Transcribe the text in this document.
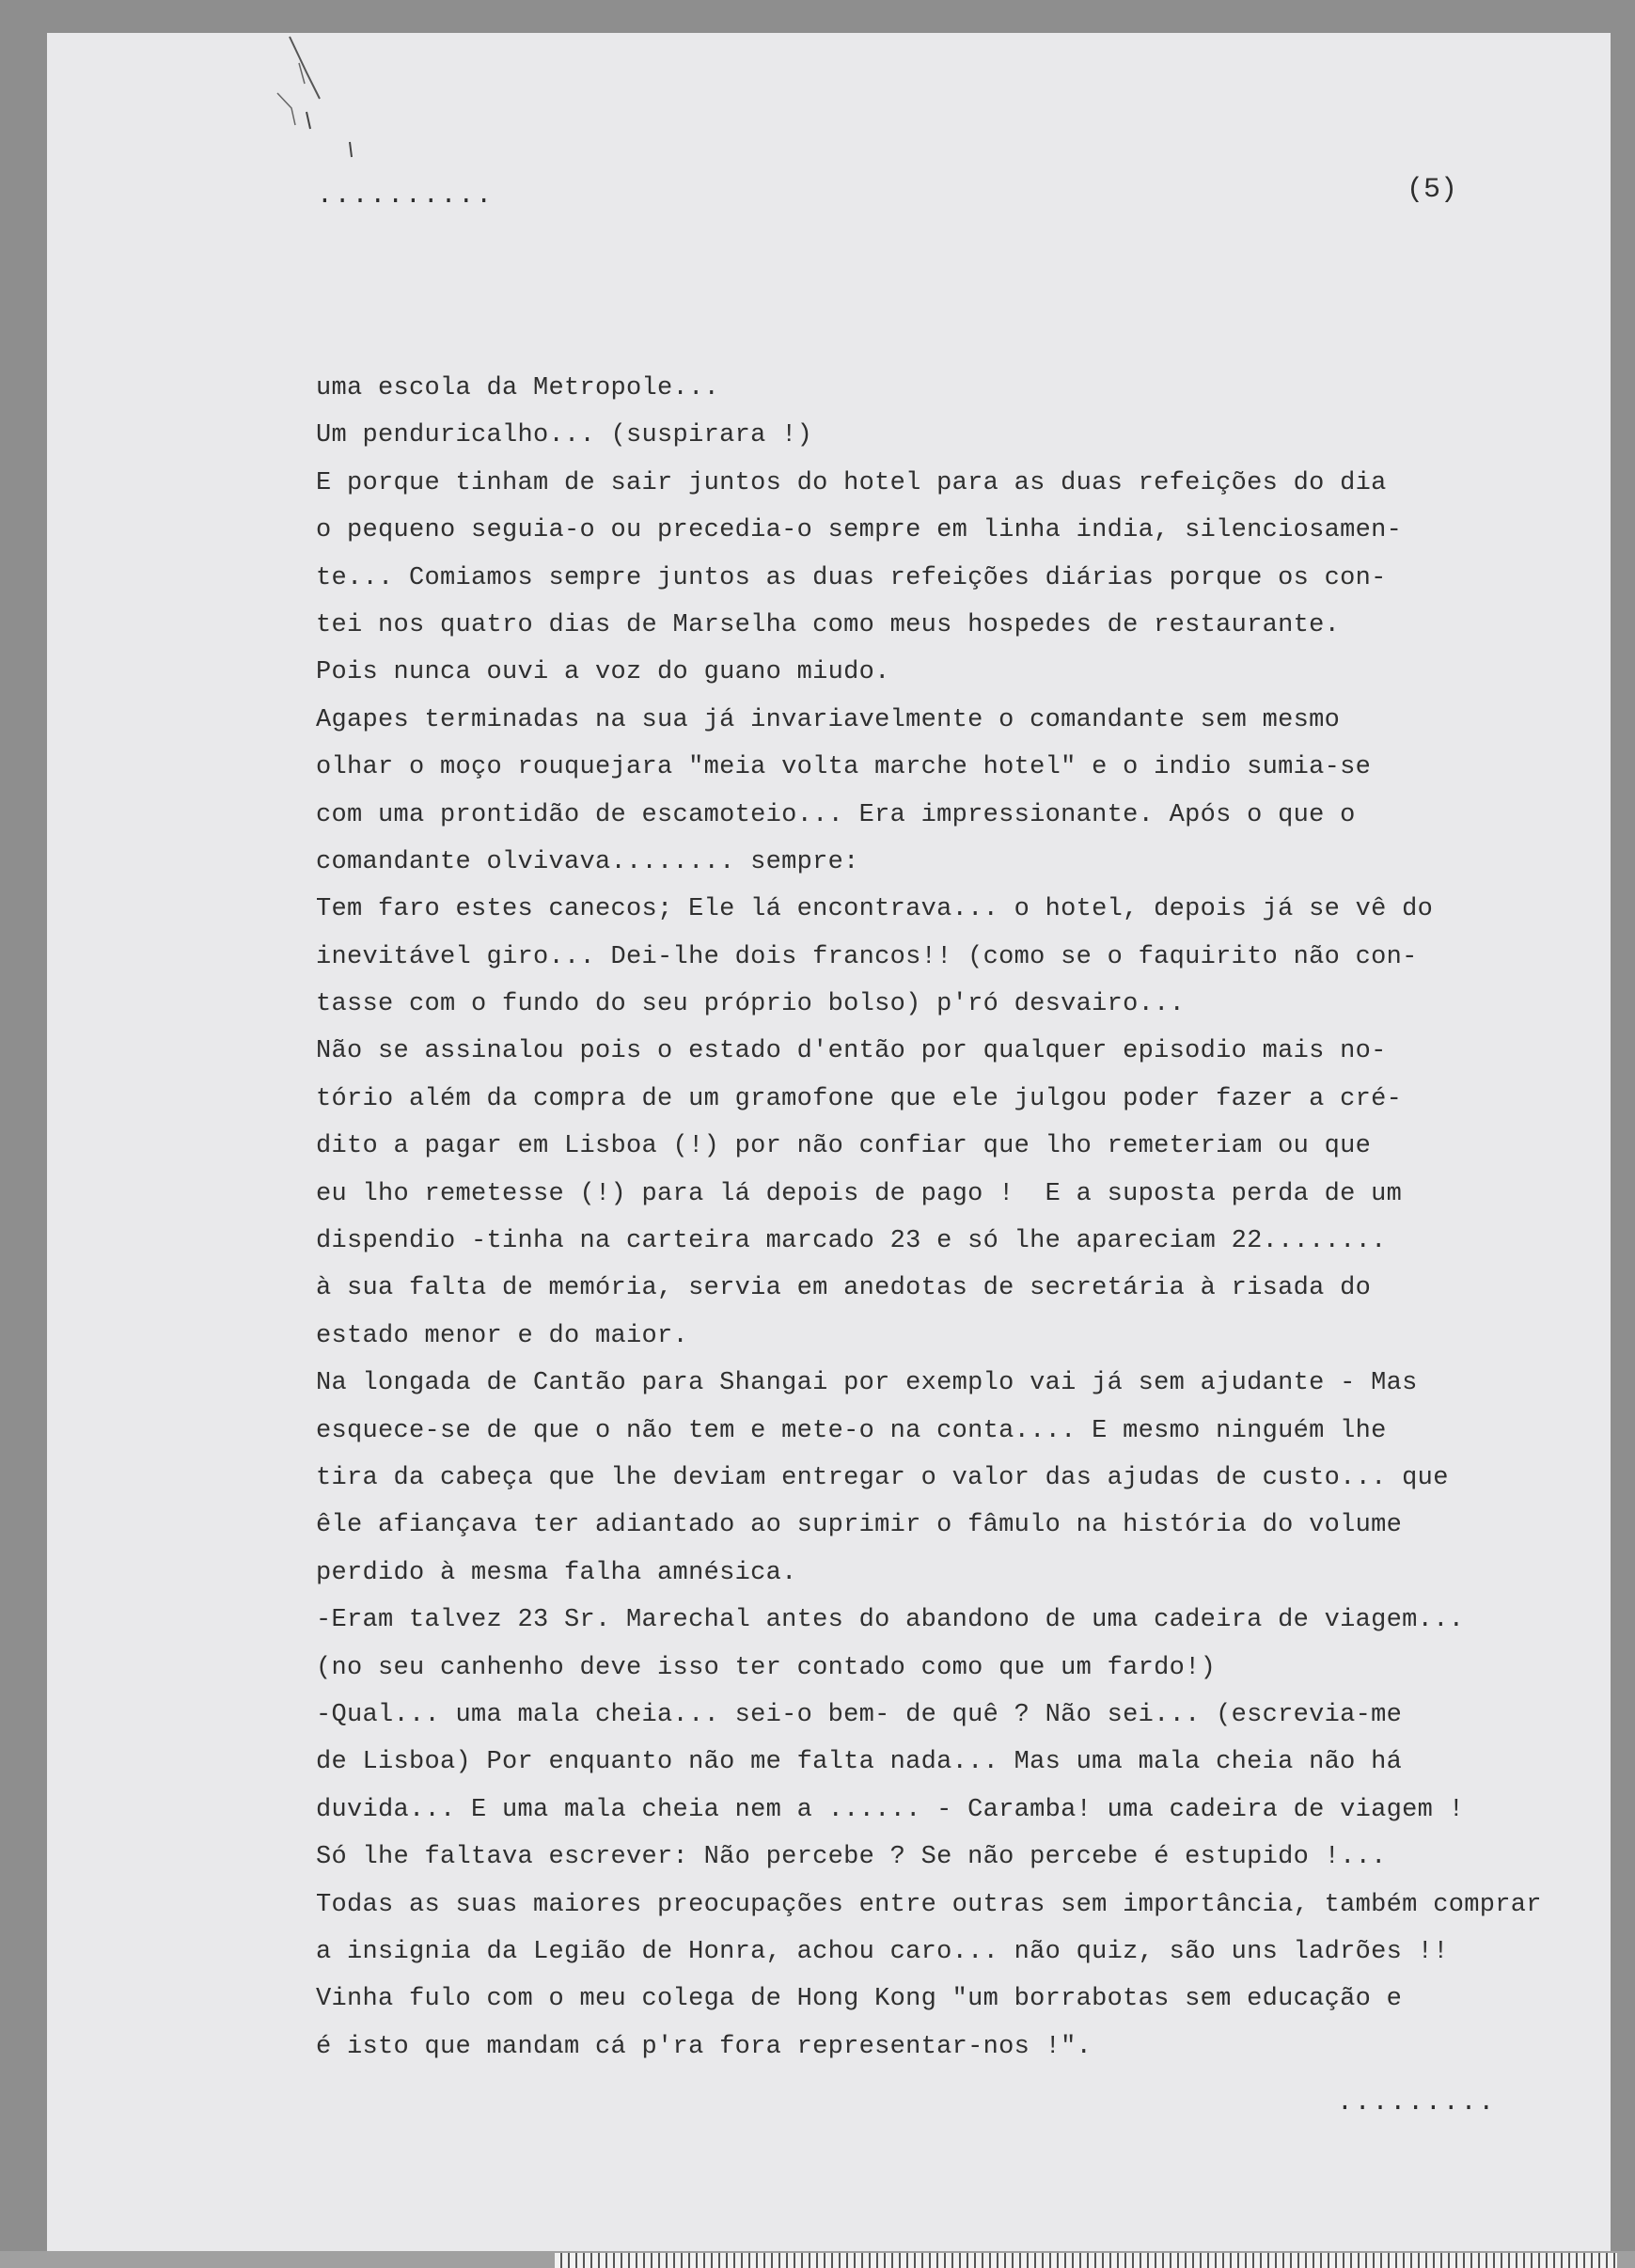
..........	(5)
uma escola da Metropole...
Um penduricalho... (suspirara !)
E porque tinham de sair juntos do hotel para as duas refeições do dia
o pequeno seguia-o ou precedia-o sempre em linha india, silenciosamen-
te... Comiamos sempre juntos as duas refeições diárias porque os con-
tei nos quatro dias de Marselha como meus hospedes de restaurante.
Pois nunca ouvi a voz do guano miudo.
Agapes terminadas na sua já invariavelmente o comandante sem mesmo
olhar o moço rouquejara "meia volta marche hotel" e o indio sumia-se
com uma prontidão de escamoteio... Era impressionante. Após o que o
comandante olvivava........ sempre:
Tem faro estes canecos; Ele lá encontrava... o hotel, depois já se vê do
inevitável giro... Dei-lhe dois francos!! (como se o faquirito não con-
tasse com o fundo do seu próprio bolso) p'ró desvairo...
Não se assinalou pois o estado d'então por qualquer episodio mais no-
tório além da compra de um gramofone que ele julgou poder fazer a cré-
dito a pagar em Lisboa (!) por não confiar que lho remeteriam ou que
eu lho remetesse (!) para lá depois de pago !  E a suposta perda de um
dispendio -tinha na carteira marcado 23 e só lhe apareciam 22........
à sua falta de memória, servia em anedotas de secretária à risada do
estado menor e do maior.
Na longada de Cantão para Shangai por exemplo vai já sem ajudante - Mas
esquece-se de que o não tem e mete-o na conta.... E mesmo ninguém lhe
tira da cabeça que lhe deviam entregar o valor das ajudas de custo... que
êle afiançava ter adiantado ao suprimir o fâmulo na história do volume
perdido à mesma falha amnésica.
-Eram talvez 23 Sr. Marechal antes do abandono de uma cadeira de viagem...
(no seu canhenho deve isso ter contado como que um fardo!)
-Qual... uma mala cheia... sei-o bem- de quê ? Não sei... (escrevia-me
de Lisboa) Por enquanto não me falta nada... Mas uma mala cheia não há
duvida... E uma mala cheia nem a ...... - Caramba! uma cadeira de viagem !
Só lhe faltava escrever: Não percebe ? Se não percebe é estupido !...
Todas as suas maiores preocupações entre outras sem importância, também comprar
a insignia da Legião de Honra, achou caro... não quiz, são uns ladrões !!
Vinha fulo com o meu colega de Hong Kong "um borrabotas sem educação e
é isto que mandam cá p'ra fora representar-nos !".
.........
